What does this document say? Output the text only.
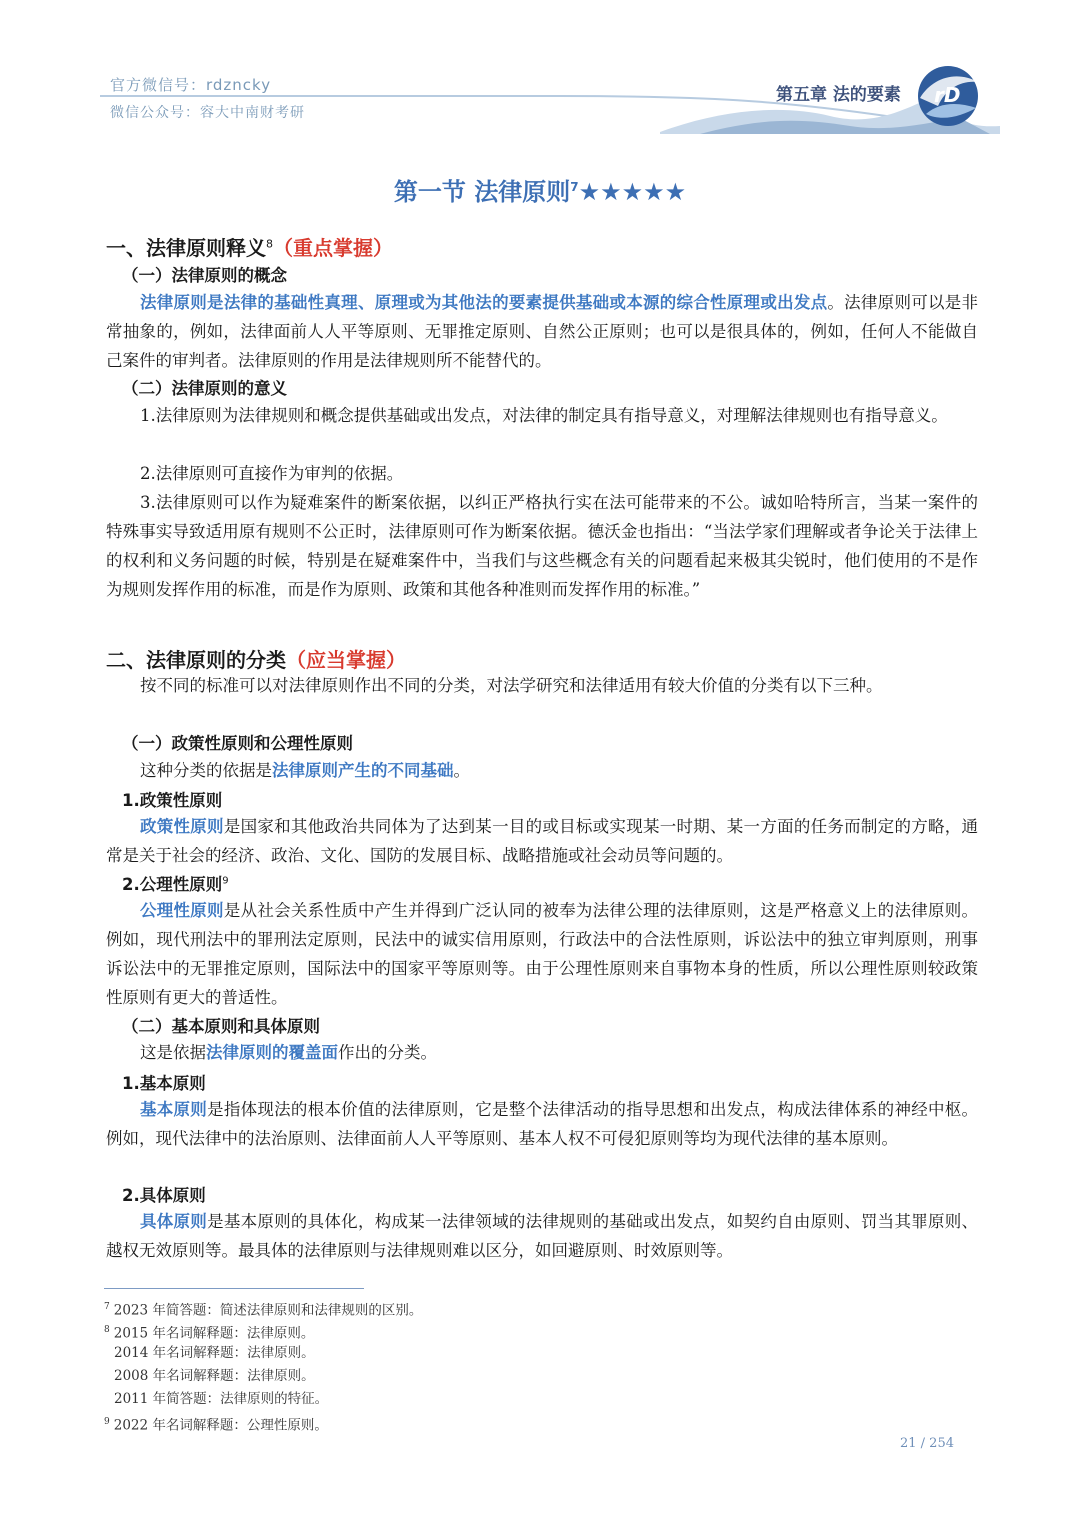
官方微信号：rdzncky
微信公众号：容大中南财考研
第五章 法的要素 rD
第一节 法律原则$^7$★★★★★
一、法律原则释义$^8$（重点掌握）
（一）法律原则的概念
法律原则是法律的基础性真理、原理或为其他法的要素提供基础或本源的综合性原理或出发点。法律原则可以是非常抽象的，例如，法律面前人人平等原则、无罪推定原则、自然公正原则；也可以是很具体的，例如，任何人不能做自己案件的审判者。法律原则的作用是法律规则所不能替代的。
（二）法律原则的意义
1.法律原则为法律规则和概念提供基础或出发点，对法律的制定具有指导意义，对理解法律规则也有指导意义。
2.法律原则可直接作为审判的依据。
3.法律原则可以作为疑难案件的断案依据，以纠正严格执行实在法可能带来的不公。诚如哈特所言，当某一案件的特殊事实导致适用原有规则不公正时，法律原则可作为断案依据。德沃金也指出：“当法学家们理解或者争论关于法律上的权利和义务问题的时候，特别是在疑难案件中，当我们与这些概念有关的问题看起来极其尖锐时，他们使用的不是作为规则发挥作用的标准，而是作为原则、政策和其他各种准则而发挥作用的标准。”
二、法律原则的分类（应当掌握）
按不同的标准可以对法律原则作出不同的分类，对法学研究和法律适用有较大价值的分类有以下三种。
（一）政策性原则和公理性原则
这种分类的依据是法律原则产生的不同基础。
1.政策性原则
政策性原则是国家和其他政治共同体为了达到某一目的或目标或实现某一时期、某一方面的任务而制定的方略，通常是关于社会的经济、政治、文化、国防的发展目标、战略措施或社会动员等问题的。
2.公理性原则$^9$
公理性原则是从社会关系性质中产生并得到广泛认同的被奉为法律公理的法律原则，这是严格意义上的法律原则。例如，现代刑法中的罪刑法定原则，民法中的诚实信用原则，行政法中的合法性原则，诉讼法中的独立审判原则，刑事诉讼法中的无罪推定原则，国际法中的国家平等原则等。由于公理性原则来自事物本身的性质，所以公理性原则较政策性原则有更大的普适性。
（二）基本原则和具体原则
这是依据法律原则的覆盖面作出的分类。
1.基本原则
基本原则是指体现法的根本价值的法律原则，它是整个法律活动的指导思想和出发点，构成法律体系的神经中枢。例如，现代法律中的法治原则、法律面前人人平等原则、基本人权不可侵犯原则等均为现代法律的基本原则。
2.具体原则
具体原则是基本原则的具体化，构成某一法律领域的法律规则的基础或出发点，如契约自由原则、罚当其罪原则、越权无效原则等。最具体的法律原则与法律规则难以区分，如回避原则、时效原则等。
$^7$ 2023 年简答题：简述法律原则和法律规则的区别。
$^8$ 2015 年名词解释题：法律原则。
2014 年名词解释题：法律原则。
2008 年名词解释题：法律原则。
2011 年简答题：法律原则的特征。
$^9$ 2022 年名词解释题：公理性原则。
21 / 254
